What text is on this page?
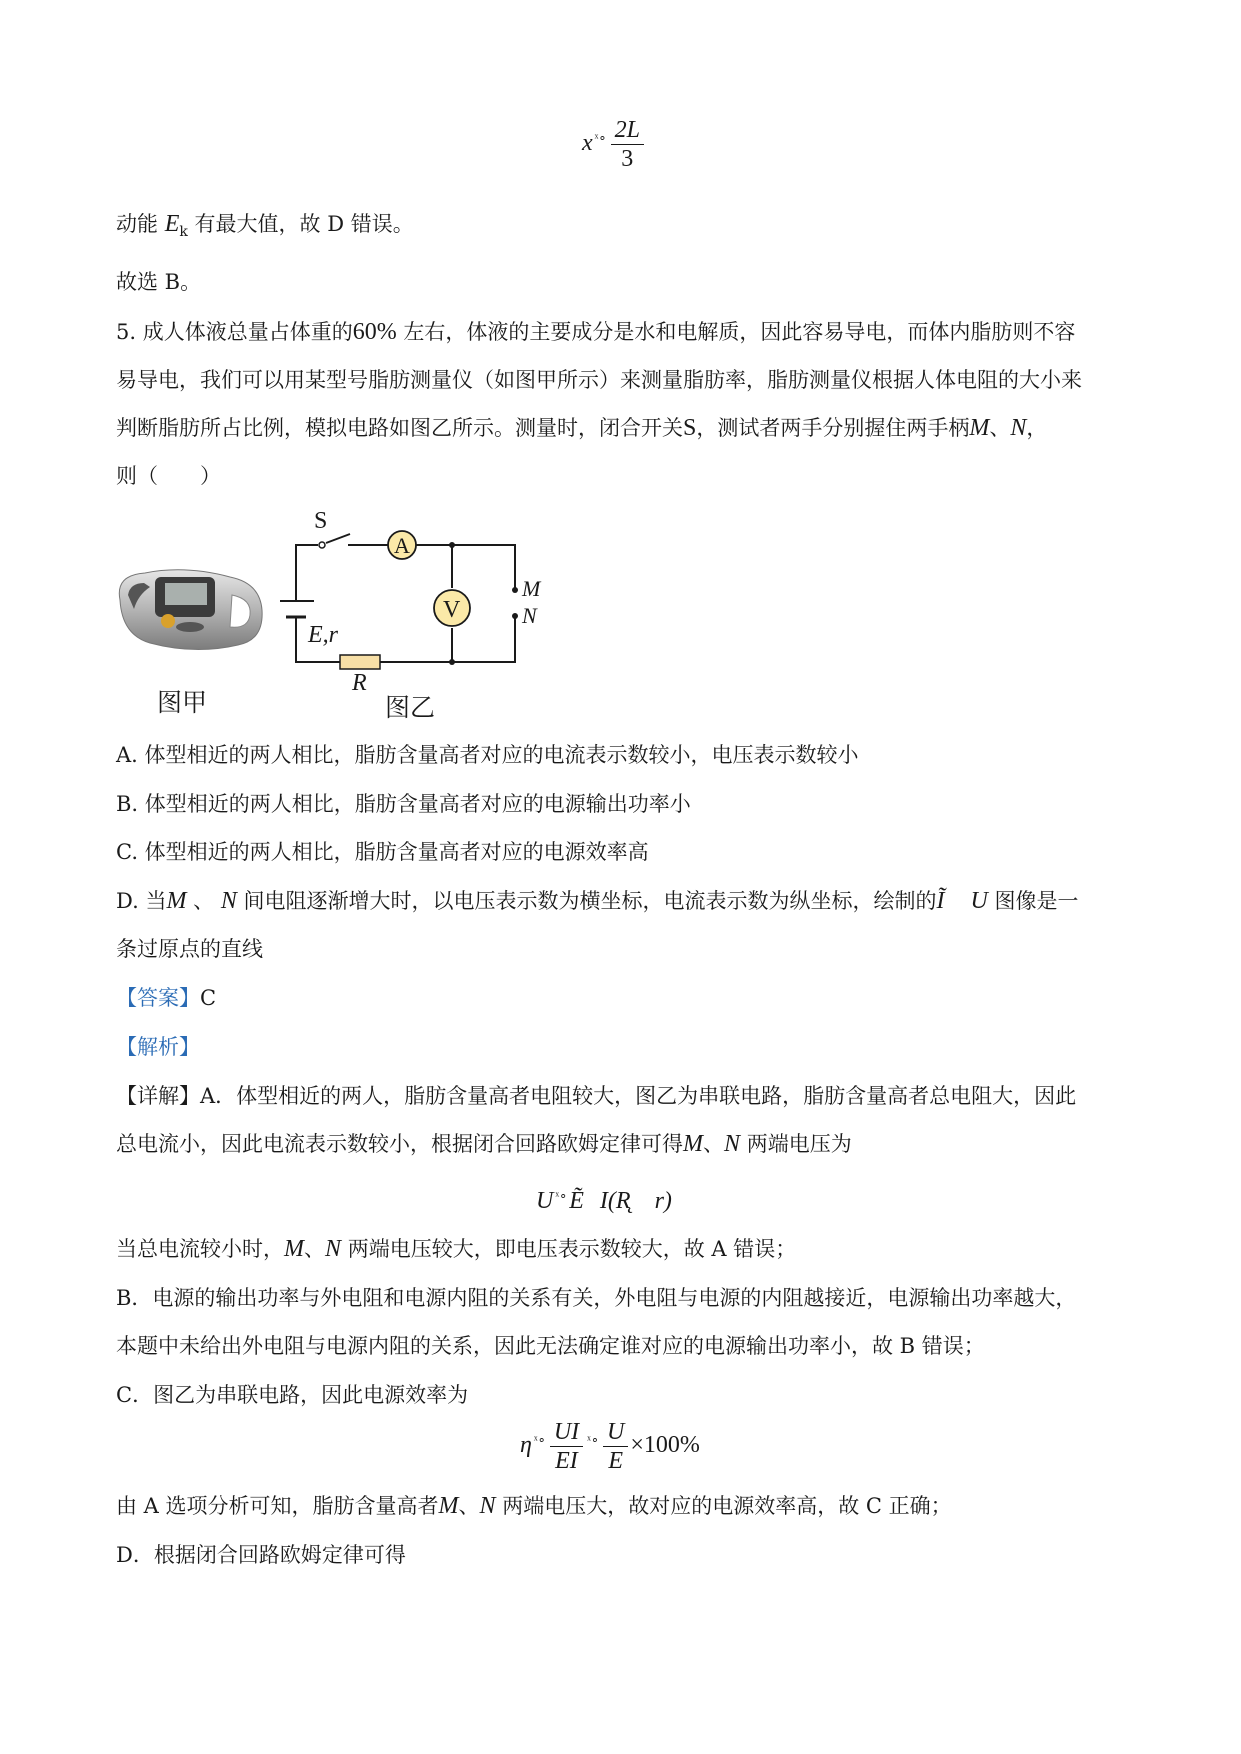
x $^{ˣ\circ} \frac{2L}{3}$
动能 $E_k$ 有最大值，故 D 错误。
故选 B。
5. 成人体液总量占体重的60% 左右，体液的主要成分是水和电解质，因此容易导电，而体内脂肪则不容
易导电，我们可以用某型号脂肪测量仪（如图甲所示）来测量脂肪率，脂肪测量仪根据人体电阻的大小来
判断脂肪所占比例，模拟电路如图乙所示。测量时，闭合开关S，测试者两手分别握住两手柄M、N，
则（　　）
图甲
S
A
V
M
N
E,r
R
图乙
A. 体型相近的两人相比，脂肪含量高者对应的电流表示数较小，电压表示数较小
B. 体型相近的两人相比，脂肪含量高者对应的电源输出功率小
C. 体型相近的两人相比，脂肪含量高者对应的电源效率高
D. 当M 、 N 间电阻逐渐增大时，以电压表示数为横坐标，电流表示数为纵坐标，绘制的Ĩ U 图像是一
条过原点的直线
【答案】C
【解析】
【详解】A．体型相近的两人，脂肪含量高者电阻较大，图乙为串联电路，脂肪含量高者总电阻大，因此
总电流小，因此电流表示数较小，根据闭合回路欧姆定律可得M、N 两端电压为
U $^{ˣ\circ}$Ẽ I(R̨　r)
当总电流较小时，M、N 两端电压较大，即电压表示数较大，故 A 错误；
B．电源的输出功率与外电阻和电源内阻的关系有关，外电阻与电源的内阻越接近，电源输出功率越大，
本题中未给出外电阻与电源内阻的关系，因此无法确定谁对应的电源输出功率小，故 B 错误；
C．图乙为串联电路，因此电源效率为
η $^{ˣ\circ} \frac{UI}{EI} ^{ˣ\circ} \frac{U}{E} \times 100\%$
由 A 选项分析可知，脂肪含量高者M、N 两端电压大，故对应的电源效率高，故 C 正确；
D．根据闭合回路欧姆定律可得
